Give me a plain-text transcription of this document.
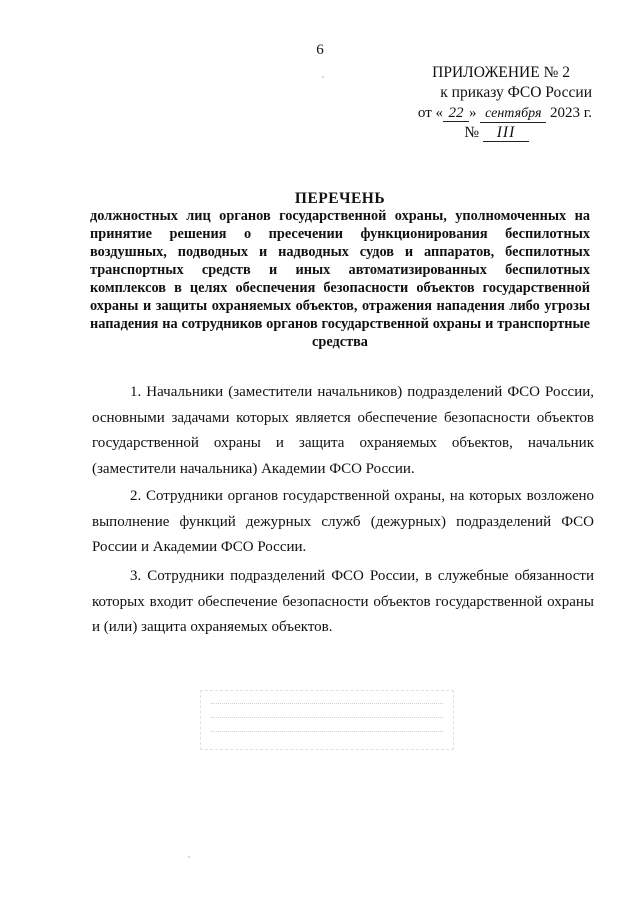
6
ПРИЛОЖЕНИЕ № 2
к приказу ФСО России
от « 22 » сентября 2023 г.
№ III
ПЕРЕЧЕНЬ
должностных лиц органов государственной охраны, уполномоченных на принятие решения о пресечении функционирования беспилотных воздушных, подводных и надводных судов и аппаратов, беспилотных транспортных средств и иных автоматизированных беспилотных комплексов в целях обеспечения безопасности объектов государственной охраны и защиты охраняемых объектов, отражения нападения либо угрозы нападения на сотрудников органов государственной охраны и транспортные средства
1. Начальники (заместители начальников) подразделений ФСО России, основными задачами которых является обеспечение безопасности объектов государственной охраны и защита охраняемых объектов, начальник (заместители начальника) Академии ФСО России.
2. Сотрудники органов государственной охраны, на которых возложено выполнение функций дежурных служб (дежурных) подразделений ФСО России и Академии ФСО России.
3. Сотрудники подразделений ФСО России, в служебные обязанности которых входит обеспечение безопасности объектов государственной охраны и (или) защита охраняемых объектов.
